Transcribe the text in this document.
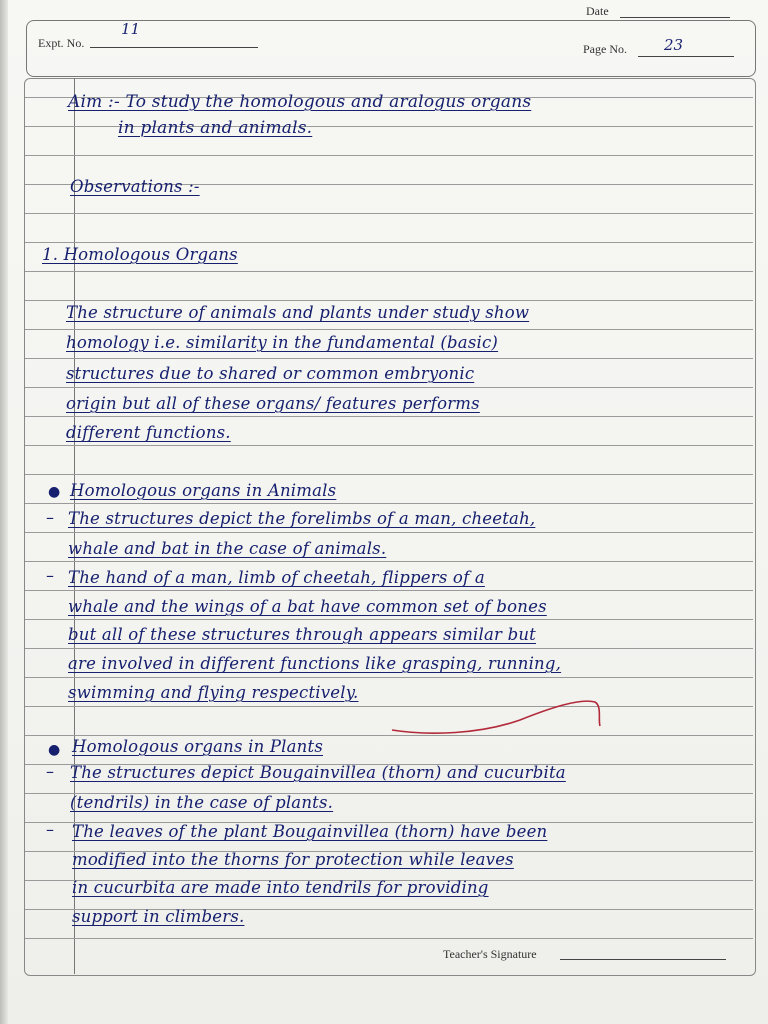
Date
Expt. No.
11
Page No. 23
Aim :- To study the homologous and aralogus organs
in plants and animals.
Observations :-
1. Homologous Organs
The structure of animals and plants under study show
homology i.e. similarity in the fundamental (basic)
structures due to shared or common embryonic
origin but all of these organs/ features performs
different functions.
● Homologous organs in Animals
– The structures depict the forelimbs of a man, cheetah,
whale and bat in the case of animals.
– The hand of a man, limb of cheetah, flippers of a
whale and the wings of a bat have common set of bones
but all of these structures through appears similar but
are involved in different functions like grasping, running,
swimming and flying respectively.
● Homologous organs in Plants
– The structures depict Bougainvillea (thorn) and cucurbita
(tendrils) in the case of plants.
– The leaves of the plant Bougainvillea (thorn) have been
modified into the thorns for protection while leaves
in cucurbita are made into tendrils for providing
support in climbers.
Teacher's Signature
